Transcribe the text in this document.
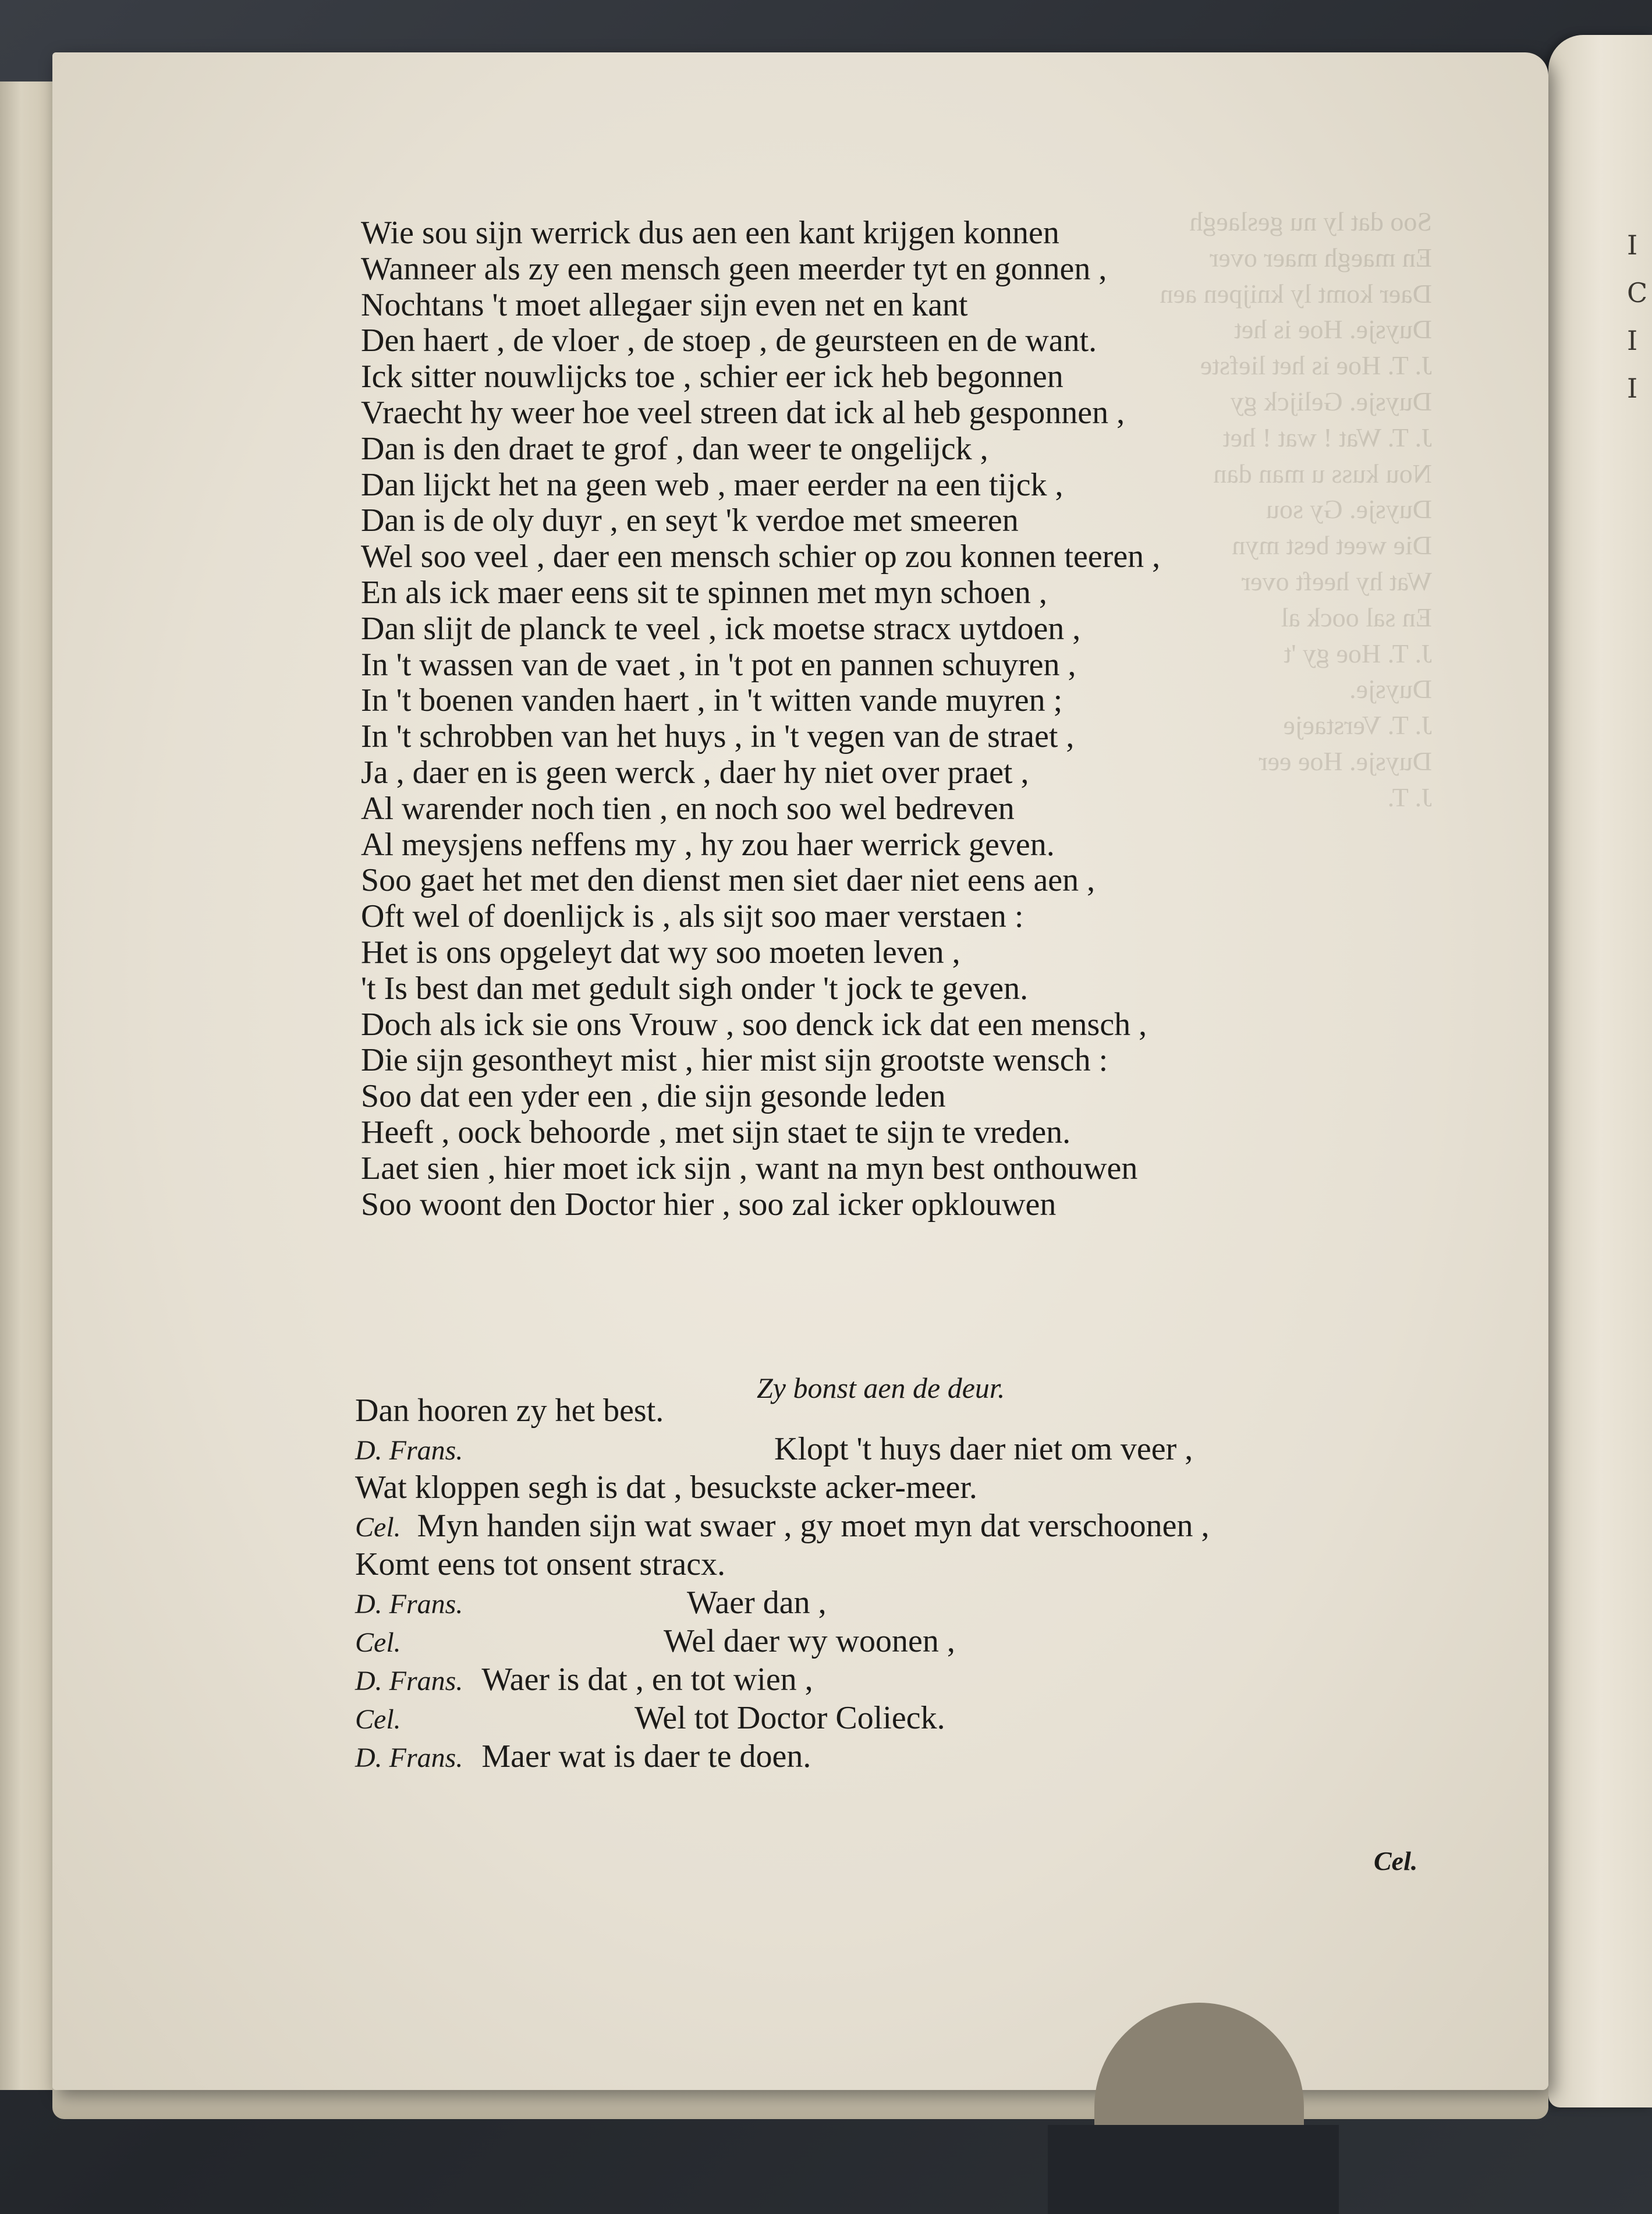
I
C
I
I
Soo dat ly nu geslaegh
En maegh maer over
Daer komt ly knijpen aen
Duysje. Hoe is het
J. T. Hoe is het liefste
Duysje. Gelijck gy
J. T. Wat ! wat ! het
Nou kuss u man dan
Duysje. Gy sou
Die weet best myn
Wat hy heeft over
En sal oock al
J. T. Hoe gy 't
Duysje.
J. T. Verstaeje
Duysje. Hoe eer
J. T.
Wie sou sijn werrick dus aen een kant krijgen konnen
Wanneer als zy een mensch geen meerder tyt en gonnen ,
Nochtans 't moet allegaer sijn even net en kant
Den haert , de vloer , de stoep , de geursteen en de want.
Ick sitter nouwlijcks toe , schier eer ick heb begonnen
Vraecht hy weer hoe veel streen dat ick al heb gesponnen ,
Dan is den draet te grof , dan weer te ongelijck ,
Dan lijckt het na geen web , maer eerder na een tijck ,
Dan is de oly duyr , en seyt 'k verdoe met smeeren
Wel soo veel , daer een mensch schier op zou konnen teeren ,
En als ick maer eens sit te spinnen met myn schoen ,
Dan slijt de planck te veel , ick moetse stracx uytdoen ,
In 't wassen van de vaet , in 't pot en pannen schuyren ,
In 't boenen vanden haert , in 't witten vande muyren ;
In 't schrobben van het huys , in 't vegen van de straet ,
Ja , daer en is geen werck , daer hy niet over praet ,
Al warender noch tien , en noch soo wel bedreven
Al meysjens neffens my , hy zou haer werrick geven.
Soo gaet het met den dienst men siet daer niet eens aen ,
Oft wel of doenlijck is , als sijt soo maer verstaen :
Het is ons opgeleyt dat wy soo moeten leven ,
't Is best dan met gedult sigh onder 't jock te geven.
Doch als ick sie ons Vrouw , soo denck ick dat een mensch ,
Die sijn gesontheyt mist , hier mist sijn grootste wensch :
Soo dat een yder een , die sijn gesonde leden
Heeft , oock behoorde , met sijn staet te sijn te vreden.
Laet sien , hier moet ick sijn , want na myn best onthouwen
Soo woont den Doctor hier , soo zal icker opklouwen
Zy bonst aen de deur.
Dan hooren zy het best.
D. Frans.	Klopt 't huys daer niet om veer ,
Wat kloppen segh is dat , besuckste acker-meer.
Cel. Myn handen sijn wat swaer , gy moet myn dat verschoonen ,
Komt eens tot onsent stracx.
D. Frans.	Waer dan ,
Cel.	Wel daer wy woonen ,
D. Frans. Waer is dat , en tot wien ,
Cel.	Wel tot Doctor Colieck.
D. Frans. Maer wat is daer te doen.
Cel.
